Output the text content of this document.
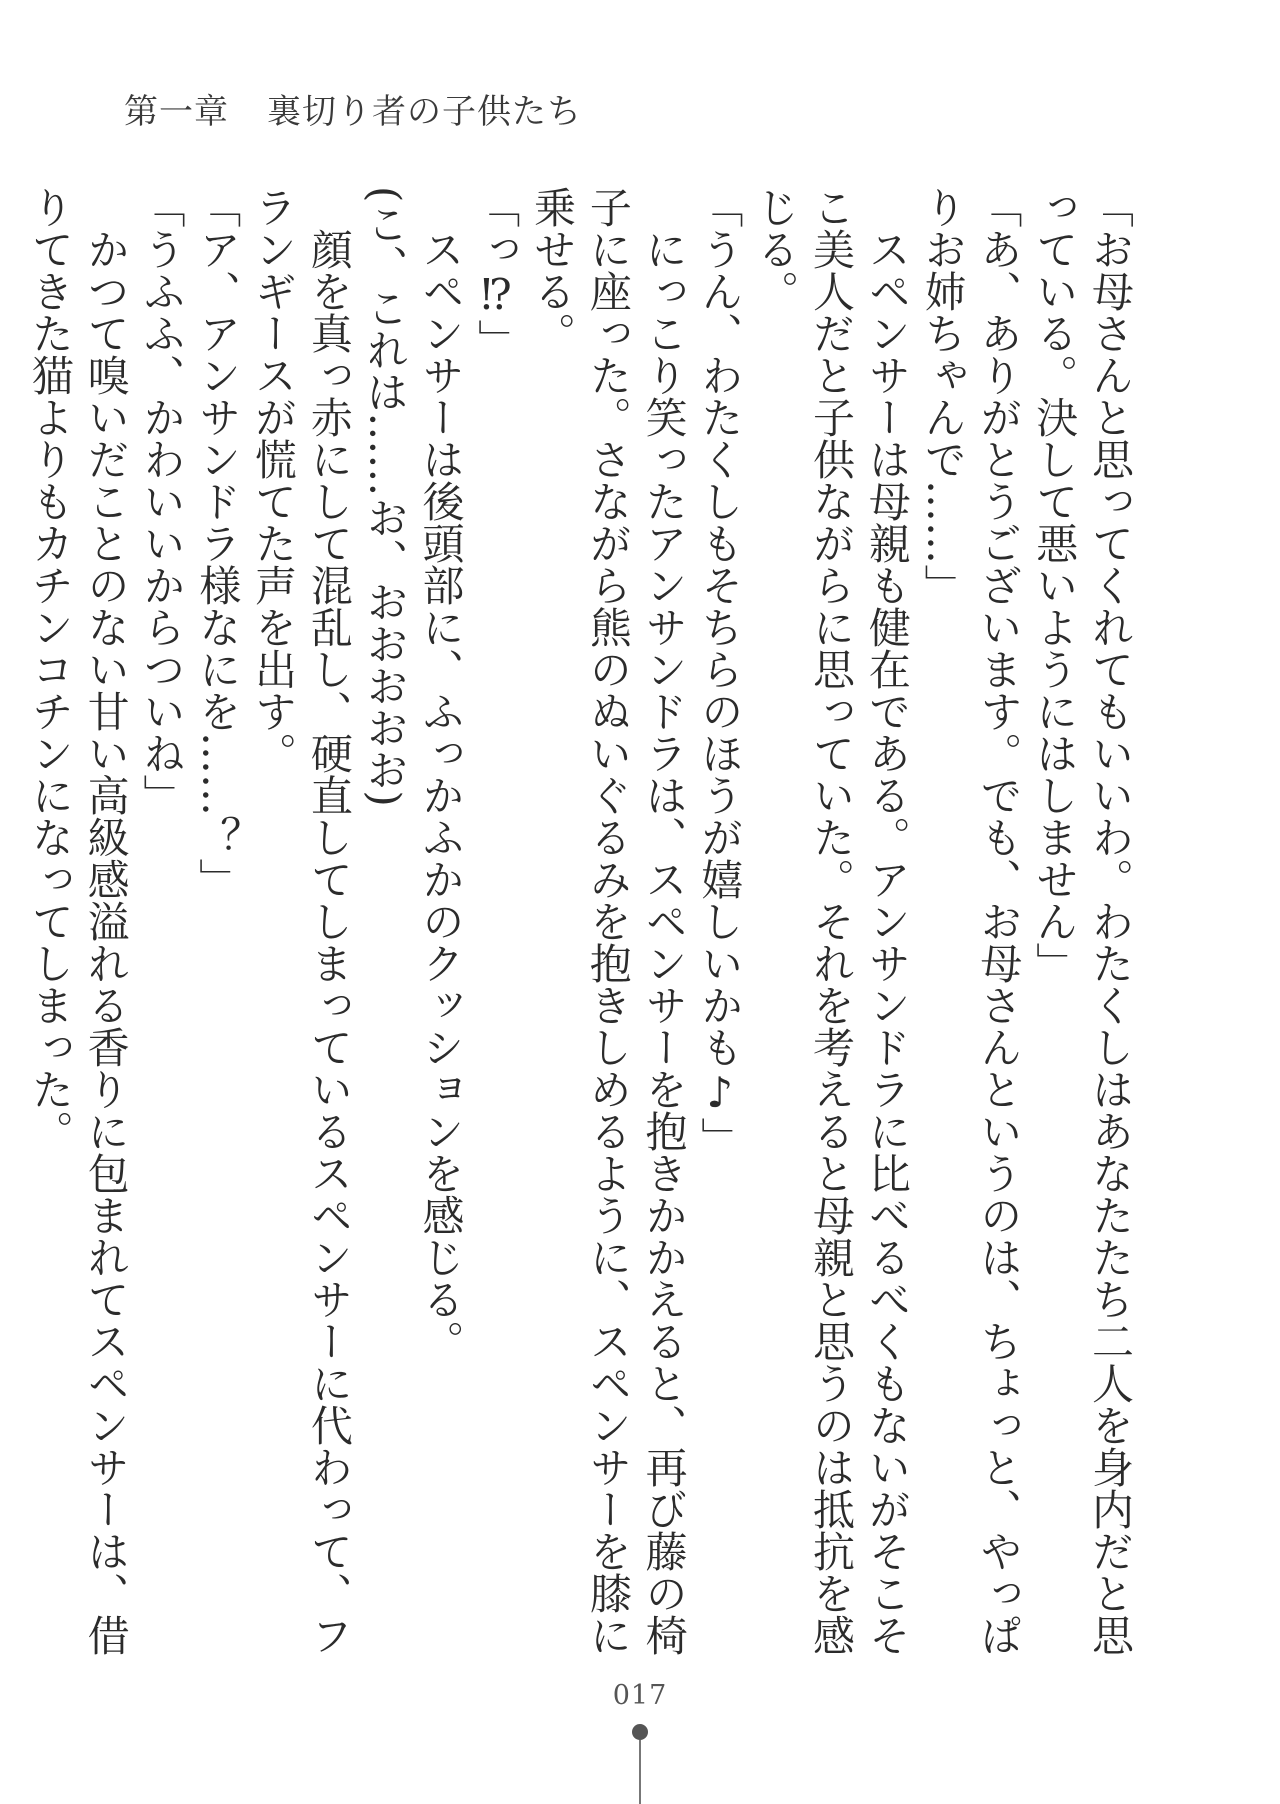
第一章 裏切り者の子供たち

「お母さんと思ってくれてもいいわ。わたくしはあなたたち二人を身内だと思っている。決して悪いようにはしません」

「あ、ありがとうございます。でも、お母さんというのは、ちょっと、やっぱりお姉ちゃんで……」

スペンサーは母親も健在である。アンサンドラに比べるべくもないがそこそこ美人だと子供ながらに思っていた。それを考えると母親と思うのは抵抗を感じる。

「うん、わたくしもそちらのほうが嬉しいかも♪」

にっこり笑ったアンサンドラは、スペンサーを抱きかかえると、再び藤の椅子に座った。さながら熊のぬいぐるみを抱きしめるように、スペンサーを膝に乗せる。

「っ⁉」

スペンサーは後頭部に、ふっかふかのクッションを感じる。

(こ、これは……お、おおおおお)

顔を真っ赤にして混乱し、硬直してしまっているスペンサーに代わって、フランギースが慌てた声を出す。

「ア、アンサンドラ様なにを……？」

「うふふ、かわいいからついね」

かつて嗅いだことのない甘い高級感溢れる香りに包まれてスペンサーは、借りてきた猫よりもカチンコチンになってしまった。

017
